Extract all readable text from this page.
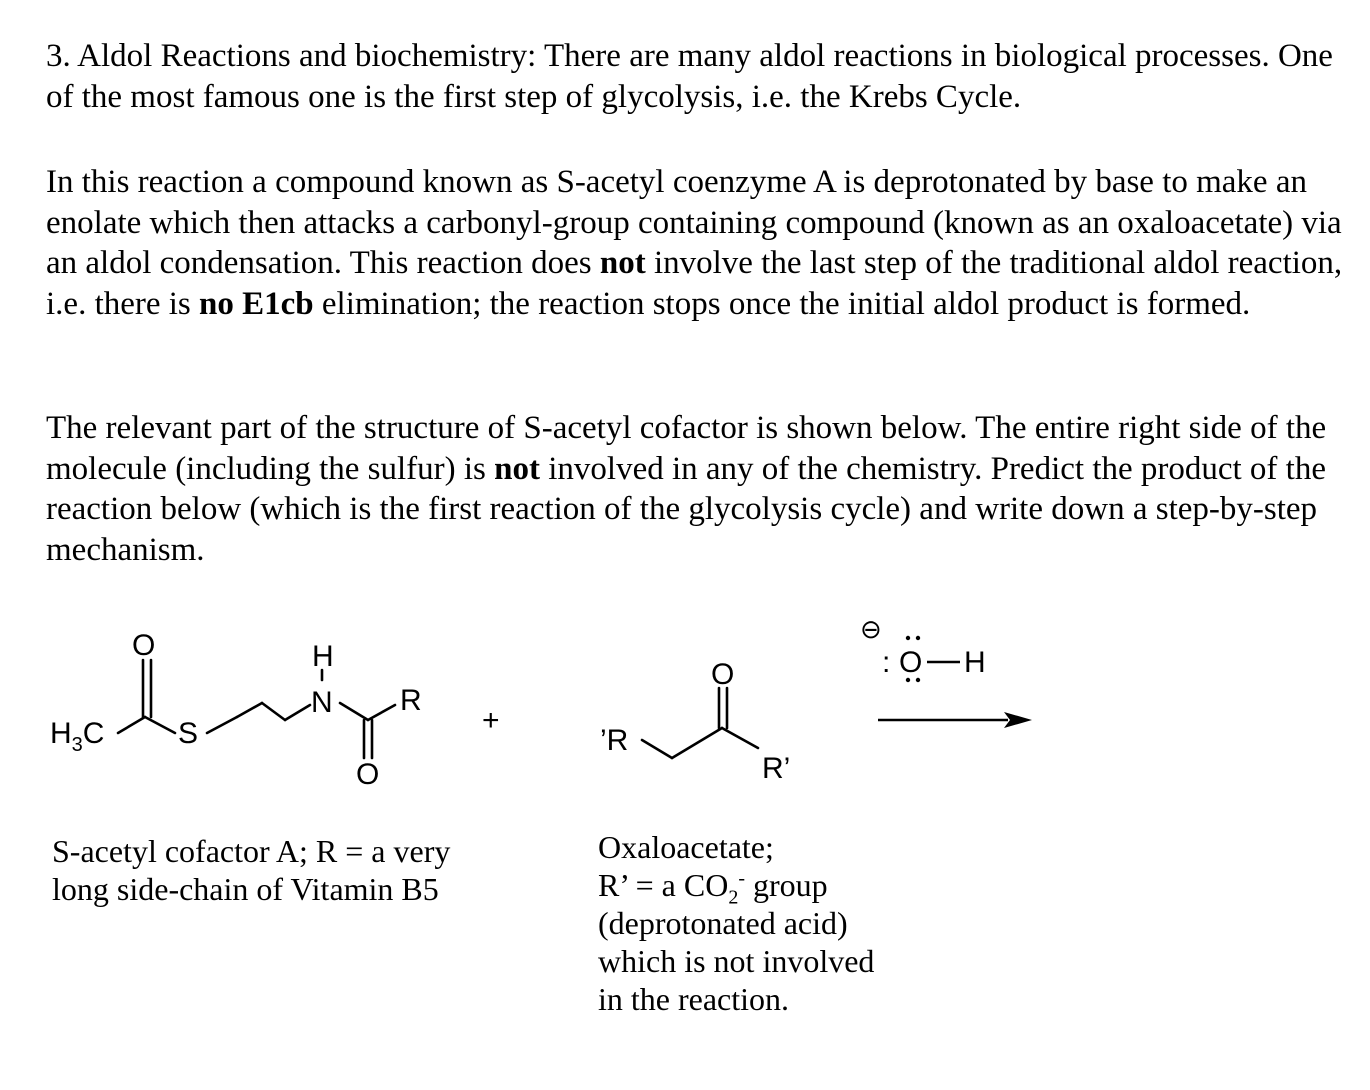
3. Aldol Reactions and biochemistry: There are many aldol reactions in biological processes. One of the most famous one is the first step of glycolysis, i.e. the Krebs Cycle.

In this reaction a compound known as S-acetyl coenzyme A is deprotonated by base to make an enolate which then attacks a carbonyl-group containing compound (known as an oxaloacetate) via an aldol condensation. This reaction does not involve the last step of the traditional aldol reaction, i.e. there is no E1cb elimination; the reaction stops once the initial aldol product is formed.

The relevant part of the structure of S-acetyl cofactor is shown below. The entire right side of the molecule (including the sulfur) is not involved in any of the chemistry. Predict the product of the reaction below (which is the first reaction of the glycolysis cycle) and write down a step-by-step mechanism.

O
$H_3C$ S
H
N R
O
+
’R
O
R’
⊖
: O H

S-acetyl cofactor A; R = a very
long side-chain of Vitamin B5

Oxaloacetate;
R’ = a $CO_2^-$ group
(deprotonated acid)
which is not involved
in the reaction.
